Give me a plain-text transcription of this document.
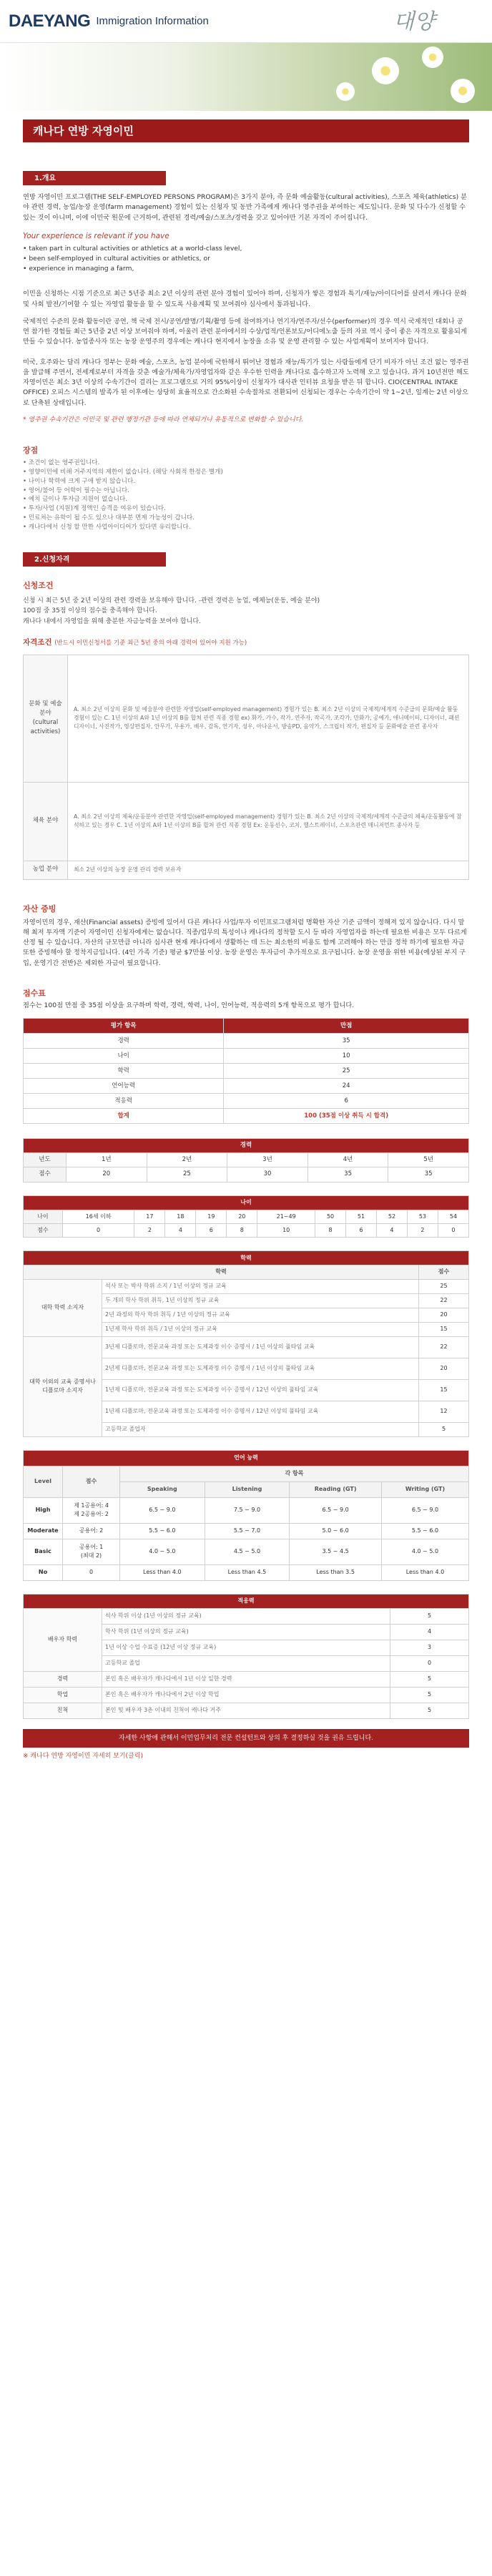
DAEYANG Immigration Information	대양
캐나다 연방 자영이민
1.개요

연방 자영이민 프로그램(THE SELF-EMPLOYED PERSONS PROGRAM)은 3가지 분야, 즉 문화 예술활동(cultural activities), 스포츠 체육(athletics) 분야 관련 경력, 농업/농장 운영(farm management) 경험이 있는 신청자 및 동반 가족에게 캐나다 영주권을 부여하는 제도입니다. 문화 및 다수가 신청할 수 있는 것이 아니며, 이에 이민국 원문에 근거하여, 관련된 경력/예술/스포츠/경력을 갖고 있어야만 기본 자격이 주어집니다.

Your experience is relevant if you have

• taken part in cultural activities or athletics at a world-class level,
• been self-employed in cultural activities or athletics, or
• experience in managing a farm,

이민을 신청하는 시점 기준으로 최근 5년중 최소 2년 이상의 관련 분야 경험이 있어야 하며, 신청자가 쌓은 경험과 특기/재능/아이디어를 살려서 캐나다 문화 및 사회 발전/기여할 수 있는 자영업 활동을 할 수 있도록 사용계획 및 보여줘야 심사에서 통과됩니다.

국제적인 수준의 문화 활동이란 공연, 책 국제 전시/공연/발명/기획/촬영 등에 참여하거나 연기자/연주자/선수(performer)의 경우 역시 국제적인 대회나 공연 참가한 경험들 최근 5년중 2년 이상 보여줘야 하며, 아울러 관련 분야에서의 수상/업적/언론보도/어디에노출 등의 자료 역시 중이 좋은 자격으로 활용되게 만들 수 있습니다. 농업종사자 또는 농장 운영주의 경우에는 캐나다 현지에서 농장을 소유 및 운영 관리할 수 있는 사업계획이 보여지야 합니다.

미국, 호주와는 달리 캐나다 정부는 문화 예술, 스포츠, 농업 분야에 국한해서 뛰어난 경험과 재능/특기가 있는 사람들에게 단기 비자가 아닌 조건 없는 영주권을 발급해 주면서, 전세계로부터 자격을 갖춘 예술가/체육가/자영업자와 같은 우수한 인력을 캐나다로 흡수하고자 노력해 오고 있습니다. 과거 10년전만 해도 자영이민은 최소 3년 이상의 수속기간이 걸리는 프로그램으로 거의 95%이상이 신청자가 대사관 인터뷰 요청을 받은 뒤 합니다. CIO(CENTRAL INTAKE OFFICE) 오피스 시스템의 발족가 된 이후에는 상당히 효율적으로 간소화된 수속절차로 전환되어 신청되는 경우는 수속기간이 약 1~2년, 일계는 2년 이상으로 단축된 상태입니다.

* 영주권 수속기간은 이민국 및 관련 행정기관 등에 따라 연체되거나 유동적으로 변화할 수 있습니다.

장점
• 조건이 없는 영주권입니다.
• 영향이민에 비해 거주지역의 제한이 없습니다. (해당 사회적 한정은 별개)
• 나이나 학력에 크게 구애 받지 않습니다.
• 영어/불어 등 어학이 필수는 아닙니다.
• 예치 금이나 투자금 지원이 없습니다.
• 투자/사업 (지원)계 정액인 승격을 여유이 있습니다.
• 민료처는 유학이 될 수도 있으나 대부분 면제 가능성이 갑니다.
• 캐나다에서 신청 할 만한 사업아이디어가 있다면 유리합니다.
2.신청자격
신청조건
신청 시 최근 5년 중 2년 이상의 관련 경력을 보유해야 합니다. -관련 경력은 농업, 예체능(운동, 예술 분야)
100점 중 35점 이상의 점수를 충족해야 합니다.
캐나다 내에서 자영업을 위해 충분한 자금능력을 보여야 합니다.
자격조건 (반드시 이민신청서를 기준 최근 5년 중의 아래 경력이 있어야 지원 가능)
문화 및 예술 분야 (cultural activities)	A. 최소 2년 이상의 문화 및 예술분야 관련한 자영업(self-employed management) 경험가 있는 B. 최소 2년 이상의 국제적/세계적 수준급의 문화/예술 활동 경험이 있는 C. 1년 이상의 A와 1년 이상의 B를 합쳐 관련 직종 경험 ex) 화가, 가수, 작가, 연주자, 작곡가, 조각가, 만화가, 공예가, 애니메이터, 디자이너, 패션디자이너, 사진작가, 영상편집자, 안무가, 무용가, 배우, 감독, 연기자, 성우, 아나운서, 방송PD, 음악가, 스크립터 작가, 편집자 등 문화예술 관련 종사자
체육 분야	A. 최소 2년 이상의 체육/운동분야 관련한 자영업(self-employed management) 경험가 있는 B. 최소 2년 이상의 국제적/세계적 수준급의 체육/운동활동에 참석하고 있는 경우 C. 1년 이상의 A와 1년 이상의 B를 합쳐 관련 직종 경험 Ex: 운동선수, 코치, 헬스트레이너, 스포츠관련 매니저먼트 종사자 등
농업 분야	최소 2년 이상의 농장 운영 관리 경력 보유자
자산 증빙

자영이민의 경우, 재산(Financial assets) 증빙에 있어서 다른 캐나다 사업/투자 이민프로그램처럼 명확한 자산 기준 금액이 정해져 있지 않습니다. 다시 말해 최저 투자액 기준이 자영이민 신청자에게는 없습니다. 직종/업무의 특성이나 캐나다의 정착할 도시 등 따라 자영업자를 하는데 필요한 비용은 모두 다르게 산정 될 수 있습니다. 자산의 규모만큼 아니라 심사관 현재 캐나다에서 생활하는 데 드는 최소한의 비용도 함께 고려해야 하는 만큼 정착 하기에 필요한 자금 또한 증빙해야 할 정착지금입니다. (4인 가족 기준) 평균 $7만불 이상. 농장 운영은 투자금이 추가적으로 요구됩니다. 농장 운영을 위한 비용(예상된 부지 구입, 운영기간 전반)은 제외한 자금이 필요합니다.

점수표

점수는 100점 만점 중 35점 이상을 요구하며 학력, 경력, 학력, 나이, 언어능력, 적응력의 5개 항목으로 평가 합니다.

평가 항목	만점
경력	35
나이	10
학력	25
언어능력	24
적응력	6
합계	100 (35점 이상 취득 시 합격)
경력					
년도	1년	2년	3년	4년	5년
점수	20	25	30	35	35
나이											
나이	16세 이하	17	18	19	20	21~49	50	51	52	53	54
점수	0	2	4	6	8	10	8	6	4	2	0
학력		
학력		점수
대학 학력 소지자	석사 또는 박사 학위 소지 / 1년 이상의 정규 교육	25
	두 개의 학사 학위 취득, 1년 이상의 정규 교육	22
	2년 과정의 학사 학위 취득 / 1년 이상의 정규 교육	20
	1년제 학사 학위 취득 / 1년 이상의 정규 교육	15
대학 이외의 교육 증명서나 디플로마 소지자	3년제 디플로마, 전문교육 과정 또는 도제과정 이수 증명서 / 1년 이상의 풀타임 교육	22
	2년제 디플로마, 전문교육 과정 또는 도제과정 이수 증명서 / 1년 이상의 풀타임 교육	20
	1년제 디플로마, 전문교육 과정 또는 도제과정 이수 증명서 / 12년 이상의 풀타임 교육	15
	1년제 디플로마, 전문교육 과정 또는 도제과정 이수 증명서 / 12년 이상의 풀타임 교육	12
	고등학교 졸업자	5
언어 능력					
Level	점수	각 항목			
		Speaking	Listening	Reading (GT)	Writing (GT)
High	제 1공용어: 4
제 2공용어: 2	6.5 ~ 9.0	7.5 ~ 9.0	6.5 ~ 9.0	6.5 ~ 9.0
Moderate	공용어: 2	5.5 ~ 6.0	5.5 ~ 7.0	5.0 ~ 6.0	5.5 ~ 6.0
Basic	공용어: 1
(최대 2)	4.0 ~ 5.0	4.5 ~ 5.0	3.5 ~ 4.5	4.0 ~ 5.0
No	0	Less than 4.0	Less than 4.5	Less than 3.5	Less than 4.0
적응력		
배우자 학력	석사 학위 이상 (1년 이상의 정규 교육)	5
	학사 학위 (1년 이상의 정규 교육)	4
	1년 이상 수업 수료증 (12년 이상 정규 교육)	3
	고등학교 졸업	0
경력	본인 혹은 배우자가 캐나다에서 1년 이상 일한 경력	5
학업	본인 혹은 배우자가 캐나다에서 2년 이상 학업	5
친척	본인 및 배우자 3촌 이내의 친척이 캐나다 거주	5
자세한 사항에 관해서 이민업무처리 전문 컨설턴트와 상의 후 결정하실 것을 권유 드립니다.
※ 캐나다 연방 자영이민 자세히 보기(클릭)
